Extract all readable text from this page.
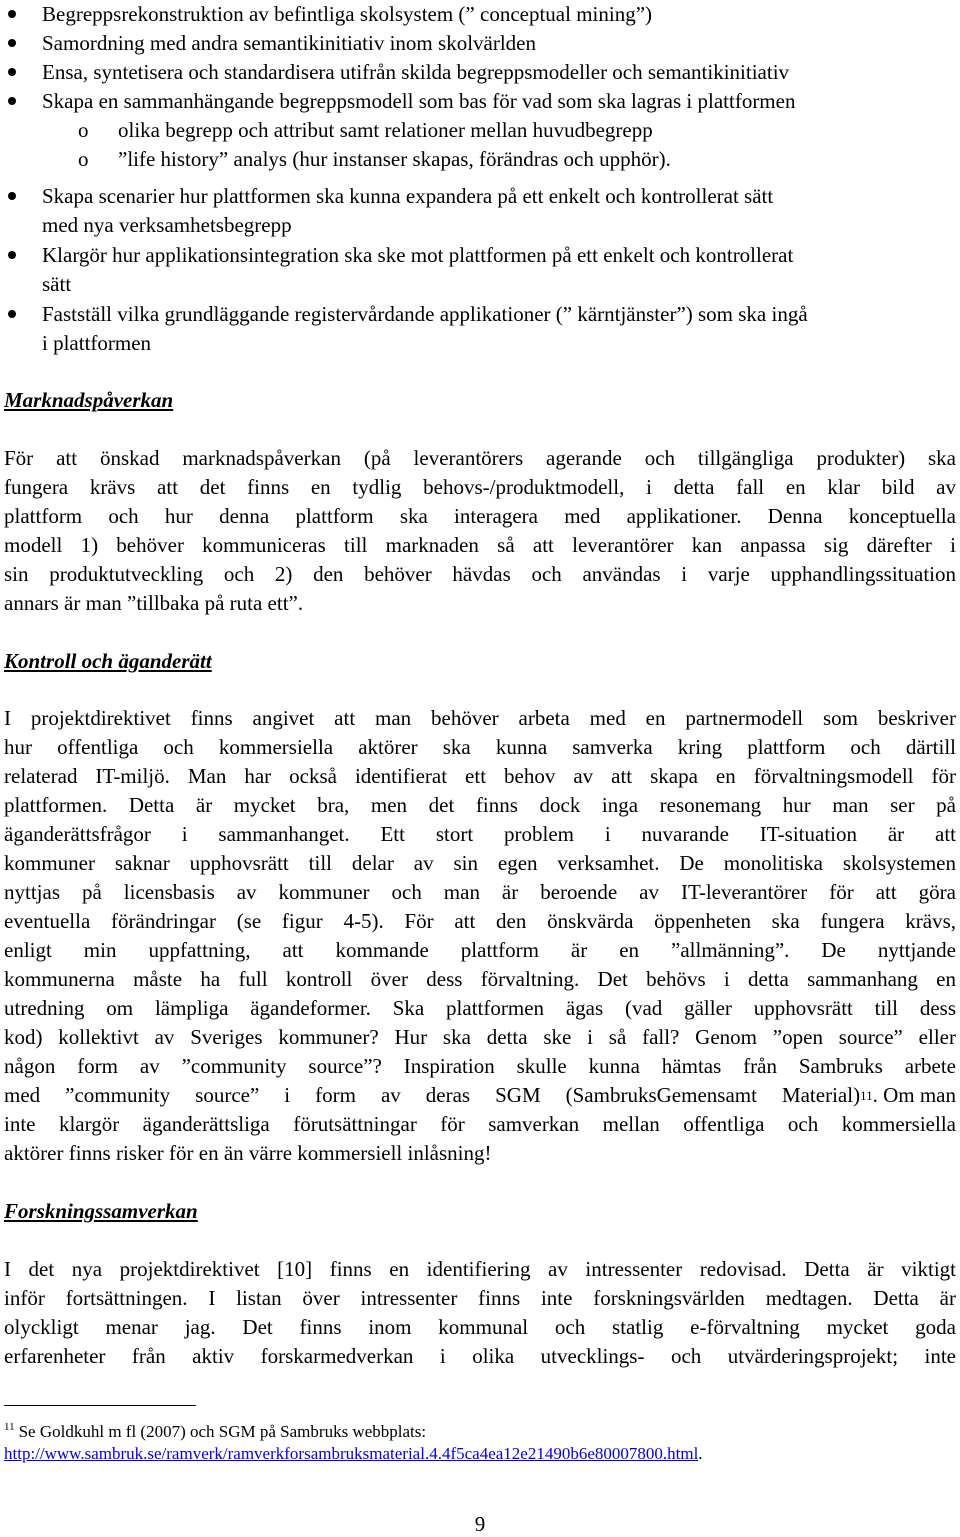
Begreppsrekonstruktion av befintliga skolsystem (” conceptual mining”)
Samordning med andra semantikinitiativ inom skolvärlden
Ensa, syntetisera och standardisera utifrån skilda begreppsmodeller och semantikinitiativ
Skapa en sammanhängande begreppsmodell som bas för vad som ska lagras i plattformen
o olika begrepp och attribut samt relationer mellan huvudbegrepp
o ”life history” analys (hur instanser skapas, förändras och upphör).
Skapa scenarier hur plattformen ska kunna expandera på ett enkelt och kontrollerat sätt
med nya verksamhetsbegrepp
Klargör hur applikationsintegration ska ske mot plattformen på ett enkelt och kontrollerat
sätt
Fastställ vilka grundläggande registervårdande applikationer (” kärntjänster”) som ska ingå
i plattformen
Marknadspåverkan
För att önskad marknadspåverkan (på leverantörers agerande och tillgängliga produkter) ska
fungera krävs att det finns en tydlig behovs-/produktmodell, i detta fall en klar bild av
plattform och hur denna plattform ska interagera med applikationer. Denna konceptuella
modell 1) behöver kommuniceras till marknaden så att leverantörer kan anpassa sig därefter i
sin produktutveckling och 2) den behöver hävdas och användas i varje upphandlingssituation
annars är man ”tillbaka på ruta ett”.
Kontroll och äganderätt
I projektdirektivet finns angivet att man behöver arbeta med en partnermodell som beskriver
hur offentliga och kommersiella aktörer ska kunna samverka kring plattform och därtill
relaterad IT-miljö. Man har också identifierat ett behov av att skapa en förvaltningsmodell för
plattformen. Detta är mycket bra, men det finns dock inga resonemang hur man ser på
äganderättsfrågor i sammanhanget. Ett stort problem i nuvarande IT-situation är att
kommuner saknar upphovsrätt till delar av sin egen verksamhet. De monolitiska skolsystemen
nyttjas på licensbasis av kommuner och man är beroende av IT-leverantörer för att göra
eventuella förändringar (se figur 4-5). För att den önskvärda öppenheten ska fungera krävs,
enligt min uppfattning, att kommande plattform är en ”allmänning”. De nyttjande
kommunerna måste ha full kontroll över dess förvaltning. Det behövs i detta sammanhang en
utredning om lämpliga ägandeformer. Ska plattformen ägas (vad gäller upphovsrätt till dess
kod) kollektivt av Sveriges kommuner? Hur ska detta ske i så fall? Genom ”open source” eller
någon form av ”community source”? Inspiration skulle kunna hämtas från Sambruks arbete
med ”community source” i form av deras SGM (SambruksGemensamt Material) 11 . Om man
inte klargör äganderättsliga förutsättningar för samverkan mellan offentliga och kommersiella
aktörer finns risker för en än värre kommersiell inlåsning!
Forskningssamverkan
I det nya projektdirektivet [10] finns en identifiering av intressenter redovisad. Detta är viktigt
inför fortsättningen. I listan över intressenter finns inte forskningsvärlden medtagen. Detta är
olyckligt menar jag. Det finns inom kommunal och statlig e-förvaltning mycket goda
erfarenheter från aktiv forskarmedverkan i olika utvecklings- och utvärderingsprojekt; inte
$^{11}$ Se Goldkuhl m fl (2007) och SGM på Sambruks webbplats:
http://www.sambruk.se/ramverk/ramverkforsambruksmaterial.4.4f5ca4ea12e21490b6e80007800.html.
9
